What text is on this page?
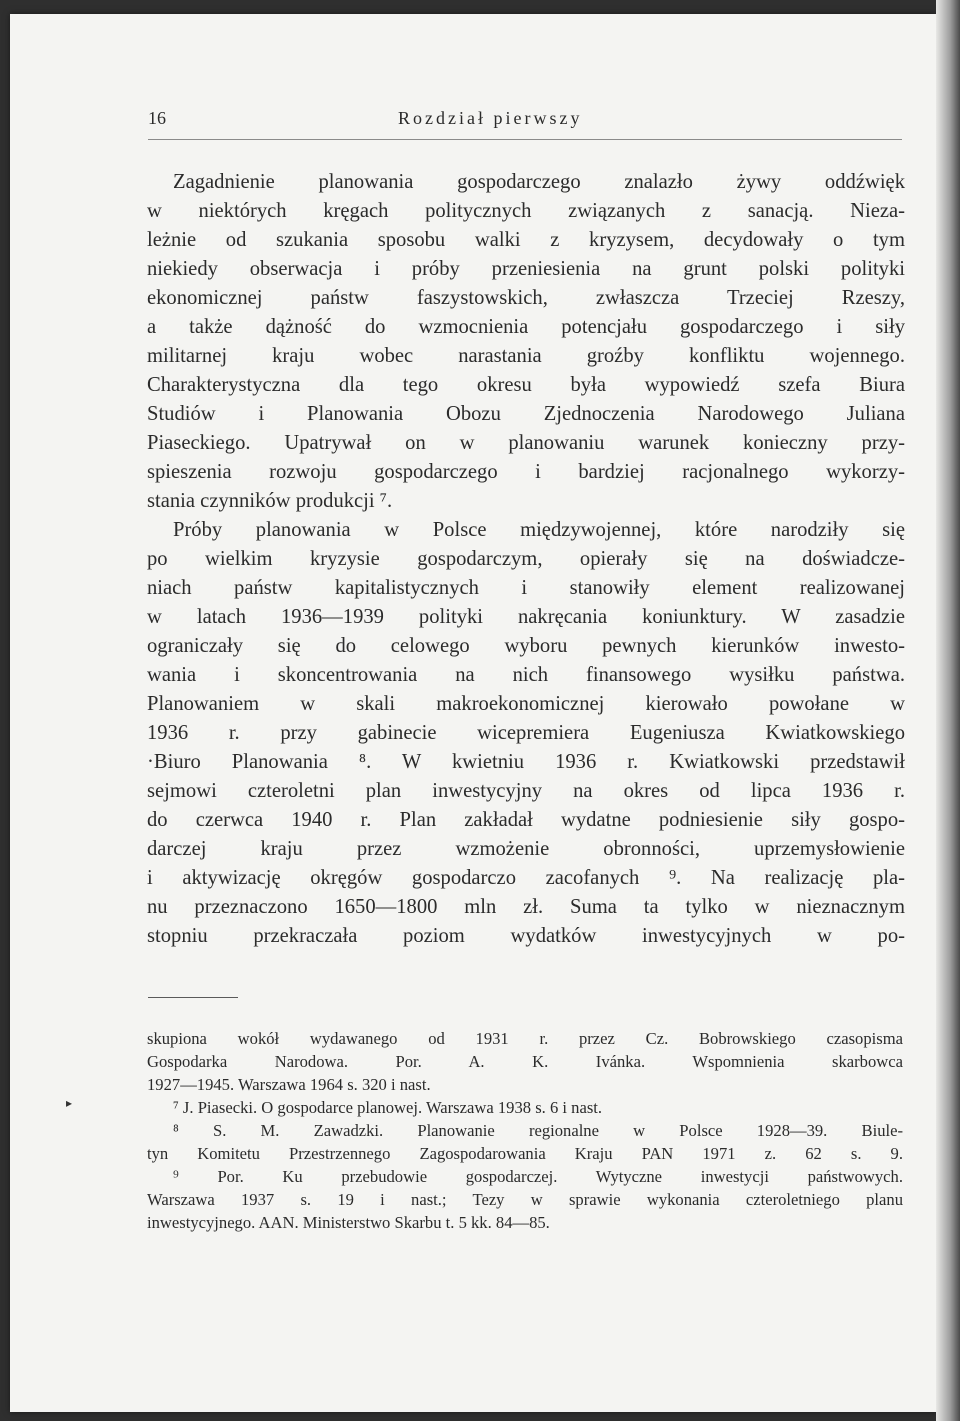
16	Rozdział pierwszy
Zagadnienie planowania gospodarczego znalazło żywy oddźwięk
w niektórych kręgach politycznych związanych z sanacją. Nieza-
leżnie od szukania sposobu walki z kryzysem, decydowały o tym
niekiedy obserwacja i próby przeniesienia na grunt polski polityki
ekonomicznej państw faszystowskich, zwłaszcza Trzeciej Rzeszy,
a także dążność do wzmocnienia potencjału gospodarczego i siły
militarnej kraju wobec narastania groźby konfliktu wojennego.
Charakterystyczna dla tego okresu była wypowiedź szefa Biura
Studiów i Planowania Obozu Zjednoczenia Narodowego Juliana
Piaseckiego. Upatrywał on w planowaniu warunek konieczny przy-
spieszenia rozwoju gospodarczego i bardziej racjonalnego wykorzy-
stania czynników produkcji ⁷.
Próby planowania w Polsce międzywojennej, które narodziły się
po wielkim kryzysie gospodarczym, opierały się na doświadcze-
niach państw kapitalistycznych i stanowiły element realizowanej
w latach 1936—1939 polityki nakręcania koniunktury. W zasadzie
ograniczały się do celowego wyboru pewnych kierunków inwesto-
wania i skoncentrowania na nich finansowego wysiłku państwa.
Planowaniem w skali makroekonomicznej kierowało powołane w
1936 r. przy gabinecie wicepremiera Eugeniusza Kwiatkowskiego
·Biuro Planowania ⁸. W kwietniu 1936 r. Kwiatkowski przedstawił
sejmowi czteroletni plan inwestycyjny na okres od lipca 1936 r.
do czerwca 1940 r. Plan zakładał wydatne podniesienie siły gospo-
darczej kraju przez wzmożenie obronności, uprzemysłowienie
i aktywizację okręgów gospodarczo zacofanych ⁹. Na realizację pla-
nu przeznaczono 1650—1800 mln zł. Suma ta tylko w nieznacznym
stopniu przekraczała poziom wydatków inwestycyjnych w po-
skupiona wokół wydawanego od 1931 r. przez Cz. Bobrowskiego czasopisma
Gospodarka Narodowa. Por. A. K. Ivánka. Wspomnienia skarbowca
1927—1945. Warszawa 1964 s. 320 i nast.
⁷ J. Piasecki. O gospodarce planowej. Warszawa 1938 s. 6 i nast.
⁸ S. M. Zawadzki. Planowanie regionalne w Polsce 1928—39. Biule-
tyn Komitetu Przestrzennego Zagospodarowania Kraju PAN 1971 z. 62 s. 9.
⁹ Por. Ku przebudowie gospodarczej. Wytyczne inwestycji państwowych.
Warszawa 1937 s. 19 i nast.; Tezy w sprawie wykonania czteroletniego planu
inwestycyjnego. AAN. Ministerstwo Skarbu t. 5 kk. 84—85.
